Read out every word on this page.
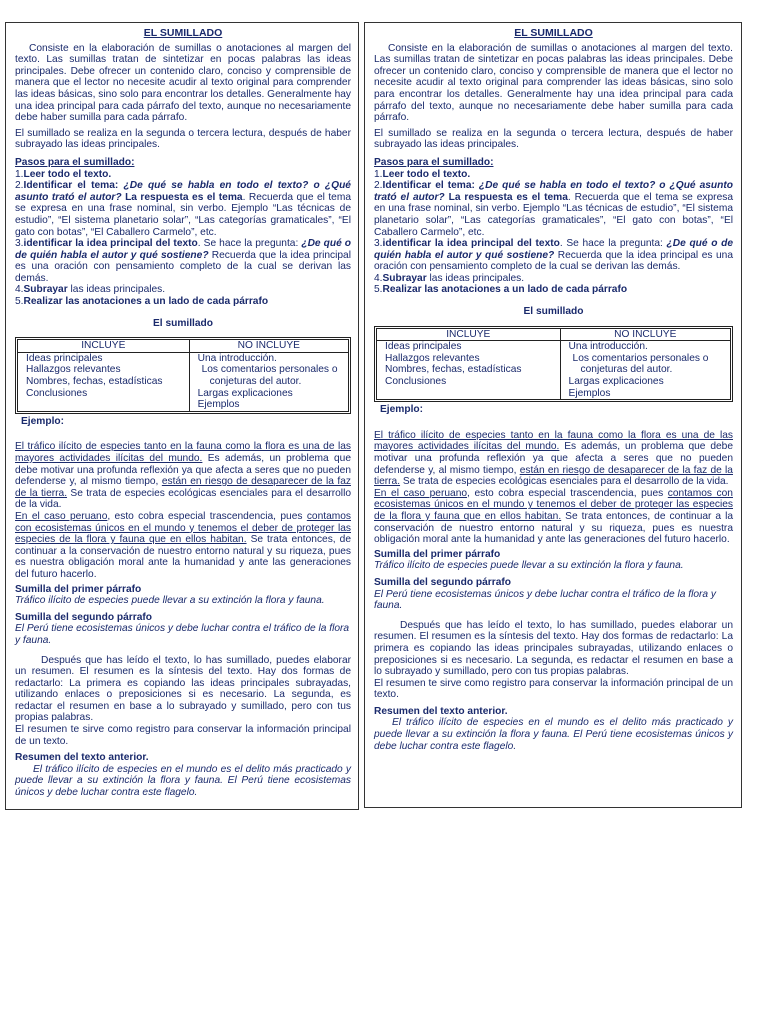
EL SUMILLADO

Consiste en la elaboración de sumillas o anotaciones al margen del texto. Las sumillas tratan de sintetizar en pocas palabras las ideas principales. Debe ofrecer un contenido claro, conciso y comprensible de manera que el lector no necesite acudir al texto original para comprender las ideas básicas, sino solo para encontrar los detalles. Generalmente hay una idea principal para cada párrafo del texto, aunque no necesariamente debe haber sumilla para cada párrafo.

El sumillado se realiza en la segunda o tercera lectura, después de haber subrayado las ideas principales.

Pasos para el sumillado:

1.Leer todo el texto.

2.Identificar el tema: ¿De qué se habla en todo el texto? o ¿Qué asunto trató el autor? La respuesta es el tema. Recuerda que el tema se expresa en una frase nominal, sin verbo. Ejemplo “Las técnicas de estudio”, “El sistema planetario solar”, “Las categorías gramaticales”, “El gato con botas”, “El Caballero Carmelo”, etc.

3.identificar la idea principal del texto. Se hace la pregunta: ¿De qué o de quién habla el autor y qué sostiene? Recuerda que la idea principal es una oración con pensamiento completo de la cual se derivan las demás.

4.Subrayar las ideas principales.

5.Realizar las anotaciones a un lado de cada párrafo

El sumillado
INCLUYE	NO INCLUYE
Ideas principales
Hallazgos relevantes
Nombres, fechas, estadísticas
Conclusiones
Una introducción.
Los comentarios personales o
conjeturas del autor.
Largas explicaciones
Ejemplos
Ejemplo:

El tráfico ilícito de especies tanto en la fauna como la flora es una de las mayores actividades ilícitas del mundo. Es además, un problema que debe motivar una profunda reflexión ya que afecta a seres que no pueden defenderse y, al mismo tiempo, están en riesgo de desaparecer de la faz de la tierra. Se trata de especies ecológicas esenciales para el desarrollo de la vida.

En el caso peruano, esto cobra especial trascendencia, pues contamos con ecosistemas únicos en el mundo y tenemos el deber de proteger las especies de la flora y fauna que en ellos habitan. Se trata entonces, de continuar a la conservación de nuestro entorno natural y su riqueza, pues es nuestra obligación moral ante la humanidad y ante las generaciones del futuro hacerlo.

Sumilla del primer párrafo
Tráfico ilícito de especies puede llevar a su extinción la flora y fauna.
Sumilla del segundo párrafo
El Perú tiene ecosistemas únicos y debe luchar contra el tráfico de la flora y fauna.

Después que has leído el texto, lo has sumillado, puedes elaborar un resumen. El resumen es la síntesis del texto. Hay dos formas de redactarlo: La primera es copiando las ideas principales subrayadas, utilizando enlaces o preposiciones si es necesario. La segunda, es redactar el resumen en base a lo subrayado y sumillado, pero con tus propias palabras.

El resumen te sirve como registro para conservar la información principal de un texto.

Resumen del texto anterior.

El tráfico ilícito de especies en el mundo es el delito más practicado y puede llevar a su extinción la flora y fauna. El Perú tiene ecosistemas únicos y debe luchar contra este flagelo.

EL SUMILLADO

Consiste en la elaboración de sumillas o anotaciones al margen del texto. Las sumillas tratan de sintetizar en pocas palabras las ideas principales. Debe ofrecer un contenido claro, conciso y comprensible de manera que el lector no necesite acudir al texto original para comprender las ideas básicas, sino solo para encontrar los detalles. Generalmente hay una idea principal para cada párrafo del texto, aunque no necesariamente debe haber sumilla para cada párrafo.

El sumillado se realiza en la segunda o tercera lectura, después de haber subrayado las ideas principales.

Pasos para el sumillado:

1.Leer todo el texto.

2.Identificar el tema: ¿De qué se habla en todo el texto? o ¿Qué asunto trató el autor? La respuesta es el tema. Recuerda que el tema se expresa en una frase nominal, sin verbo. Ejemplo “Las técnicas de estudio”, “El sistema planetario solar”, “Las categorías gramaticales”, “El gato con botas”, “El Caballero Carmelo”, etc.

3.identificar la idea principal del texto. Se hace la pregunta: ¿De qué o de quién habla el autor y qué sostiene? Recuerda que la idea principal es una oración con pensamiento completo de la cual se derivan las demás.

4.Subrayar las ideas principales.

5.Realizar las anotaciones a un lado de cada párrafo

El sumillado
INCLUYE	NO INCLUYE
Ideas principales
Hallazgos relevantes
Nombres, fechas, estadísticas
Conclusiones
Una introducción.
Los comentarios personales o
conjeturas del autor.
Largas explicaciones
Ejemplos
Ejemplo:

El tráfico ilícito de especies tanto en la fauna como la flora es una de las mayores actividades ilícitas del mundo. Es además, un problema que debe motivar una profunda reflexión ya que afecta a seres que no pueden defenderse y, al mismo tiempo, están en riesgo de desaparecer de la faz de la tierra. Se trata de especies ecológicas esenciales para el desarrollo de la vida.

En el caso peruano, esto cobra especial trascendencia, pues contamos con ecosistemas únicos en el mundo y tenemos el deber de proteger las especies de la flora y fauna que en ellos habitan. Se trata entonces, de continuar a la conservación de nuestro entorno natural y su riqueza, pues es nuestra obligación moral ante la humanidad y ante las generaciones del futuro hacerlo.

Sumilla del primer párrafo
Tráfico ilícito de especies puede llevar a su extinción la flora y fauna.
Sumilla del segundo párrafo
El Perú tiene ecosistemas únicos y debe luchar contra el tráfico de la flora y fauna.

Después que has leído el texto, lo has sumillado, puedes elaborar un resumen. El resumen es la síntesis del texto. Hay dos formas de redactarlo: La primera es copiando las ideas principales subrayadas, utilizando enlaces o preposiciones si es necesario. La segunda, es redactar el resumen en base a lo subrayado y sumillado, pero con tus propias palabras.

El resumen te sirve como registro para conservar la información principal de un texto.

Resumen del texto anterior.

El tráfico ilícito de especies en el mundo es el delito más practicado y puede llevar a su extinción la flora y fauna. El Perú tiene ecosistemas únicos y debe luchar contra este flagelo.
